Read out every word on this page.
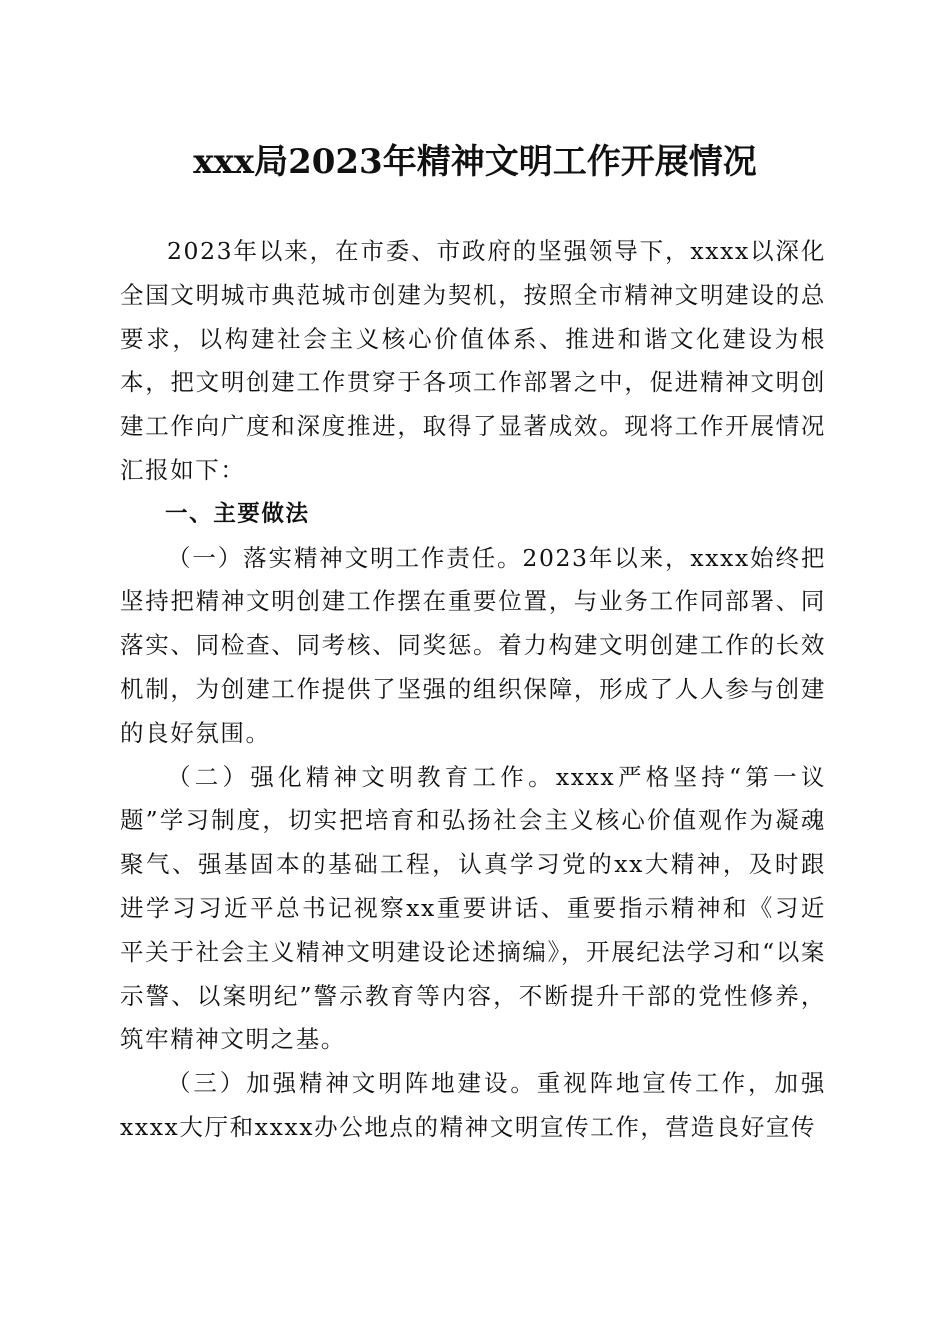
xxx局2023年精神文明工作开展情况

2023年以来，在市委、市政府的坚强领导下，xxxx以深化全国文明城市典范城市创建为契机，按照全市精神文明建设的总要求，以构建社会主义核心价值体系、推进和谐文化建设为根本，把文明创建工作贯穿于各项工作部署之中，促进精神文明创建工作向广度和深度推进，取得了显著成效。现将工作开展情况汇报如下：

一、主要做法

（一）落实精神文明工作责任。2023年以来，xxxx始终把坚持把精神文明创建工作摆在重要位置，与业务工作同部署、同落实、同检查、同考核、同奖惩。着力构建文明创建工作的长效机制，为创建工作提供了坚强的组织保障，形成了人人参与创建的良好氛围。

（二）强化精神文明教育工作。xxxx严格坚持“第一议题”学习制度，切实把培育和弘扬社会主义核心价值观作为凝魂聚气、强基固本的基础工程，认真学习党的xx大精神，及时跟进学习习近平总书记视察xx重要讲话、重要指示精神和《习近平关于社会主义精神文明建设论述摘编》，开展纪法学习和“以案示警、以案明纪”警示教育等内容，不断提升干部的党性修养，筑牢精神文明之基。

（三）加强精神文明阵地建设。重视阵地宣传工作，加强xxxx大厅和xxxx办公地点的精神文明宣传工作，营造良好宣传
